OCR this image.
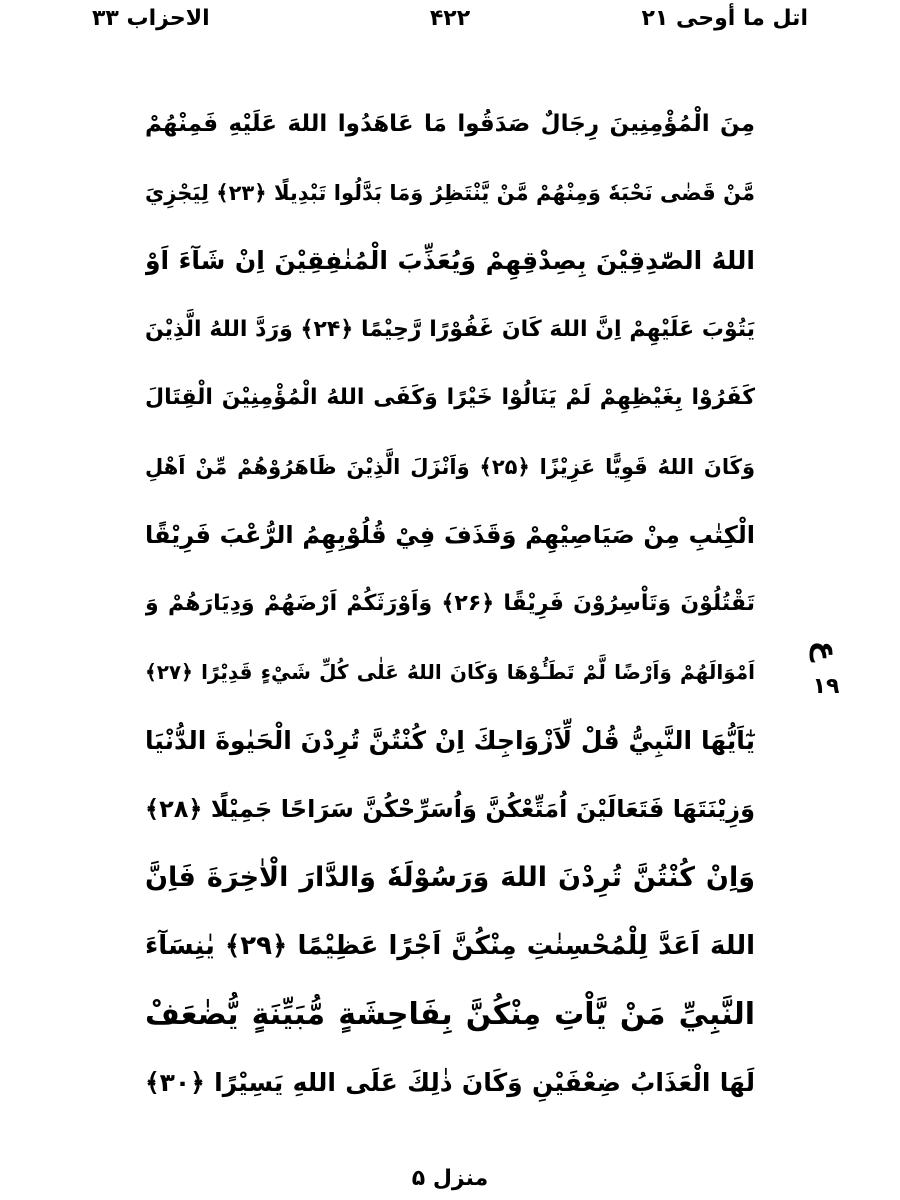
اتل ما أوحی ۲۱
۴۲۲
الاحزاب ۳۳
مِنَ الْمُؤْمِنِينَ رِجَالٌ صَدَقُوا مَا عَاهَدُوا اللهَ عَلَيْهِ فَمِنْهُمْ
مَّنْ قَضٰى نَحْبَهٗ وَمِنْهُمْ مَّنْ يَّنْتَظِرُ وَمَا بَدَّلُوا تَبْدِيلًا ﴿۲۳﴾ لِيَجْزِيَ
اللهُ الصّٰدِقِيْنَ بِصِدْقِهِمْ وَيُعَذِّبَ الْمُنٰفِقِيْنَ اِنْ شَآءَ اَوْ
يَتُوْبَ عَلَيْهِمْ اِنَّ اللهَ كَانَ غَفُوْرًا رَّحِيْمًا ﴿۲۴﴾ وَرَدَّ اللهُ الَّذِيْنَ
كَفَرُوْا بِغَيْظِهِمْ لَمْ يَنَالُوْا خَيْرًا وَكَفَى اللهُ الْمُؤْمِنِيْنَ الْقِتَالَ
وَكَانَ اللهُ قَوِيًّا عَزِيْزًا ﴿۲۵﴾ وَاَنْزَلَ الَّذِيْنَ ظَاهَرُوْهُمْ مِّنْ اَهْلِ
الْكِتٰبِ مِنْ صَيَاصِيْهِمْ وَقَذَفَ فِيْ قُلُوْبِهِمُ الرُّعْبَ فَرِيْقًا
تَقْتُلُوْنَ وَتَاْسِرُوْنَ فَرِيْقًا ﴿۲۶﴾ وَاَوْرَثَكُمْ اَرْضَهُمْ وَدِيَارَهُمْ وَ
اَمْوَالَهُمْ وَاَرْضًا لَّمْ تَطَـُٔوْهَا وَكَانَ اللهُ عَلٰى كُلِّ شَيْءٍ قَدِيْرًا ﴿۲۷﴾
يٰٓاَيُّهَا النَّبِيُّ قُلْ لِّاَزْوَاجِكَ اِنْ كُنْتُنَّ تُرِدْنَ الْحَيٰوةَ الدُّنْيَا
وَزِيْنَتَهَا فَتَعَالَيْنَ اُمَتِّعْكُنَّ وَاُسَرِّحْكُنَّ سَرَاحًا جَمِيْلًا ﴿۲۸﴾
وَاِنْ كُنْتُنَّ تُرِدْنَ اللهَ وَرَسُوْلَهٗ وَالدَّارَ الْاٰخِرَةَ فَاِنَّ
اللهَ اَعَدَّ لِلْمُحْسِنٰتِ مِنْكُنَّ اَجْرًا عَظِيْمًا ﴿۲۹﴾ يٰنِسَآءَ
النَّبِيِّ مَنْ يَّاْتِ مِنْكُنَّ بِفَاحِشَةٍ مُّبَيِّنَةٍ يُّضٰعَفْ
لَهَا الْعَذَابُ ضِعْفَيْنِ وَكَانَ ذٰلِكَ عَلَى اللهِ يَسِيْرًا ﴿۳۰﴾
ع
۱۹
منزل ۵
